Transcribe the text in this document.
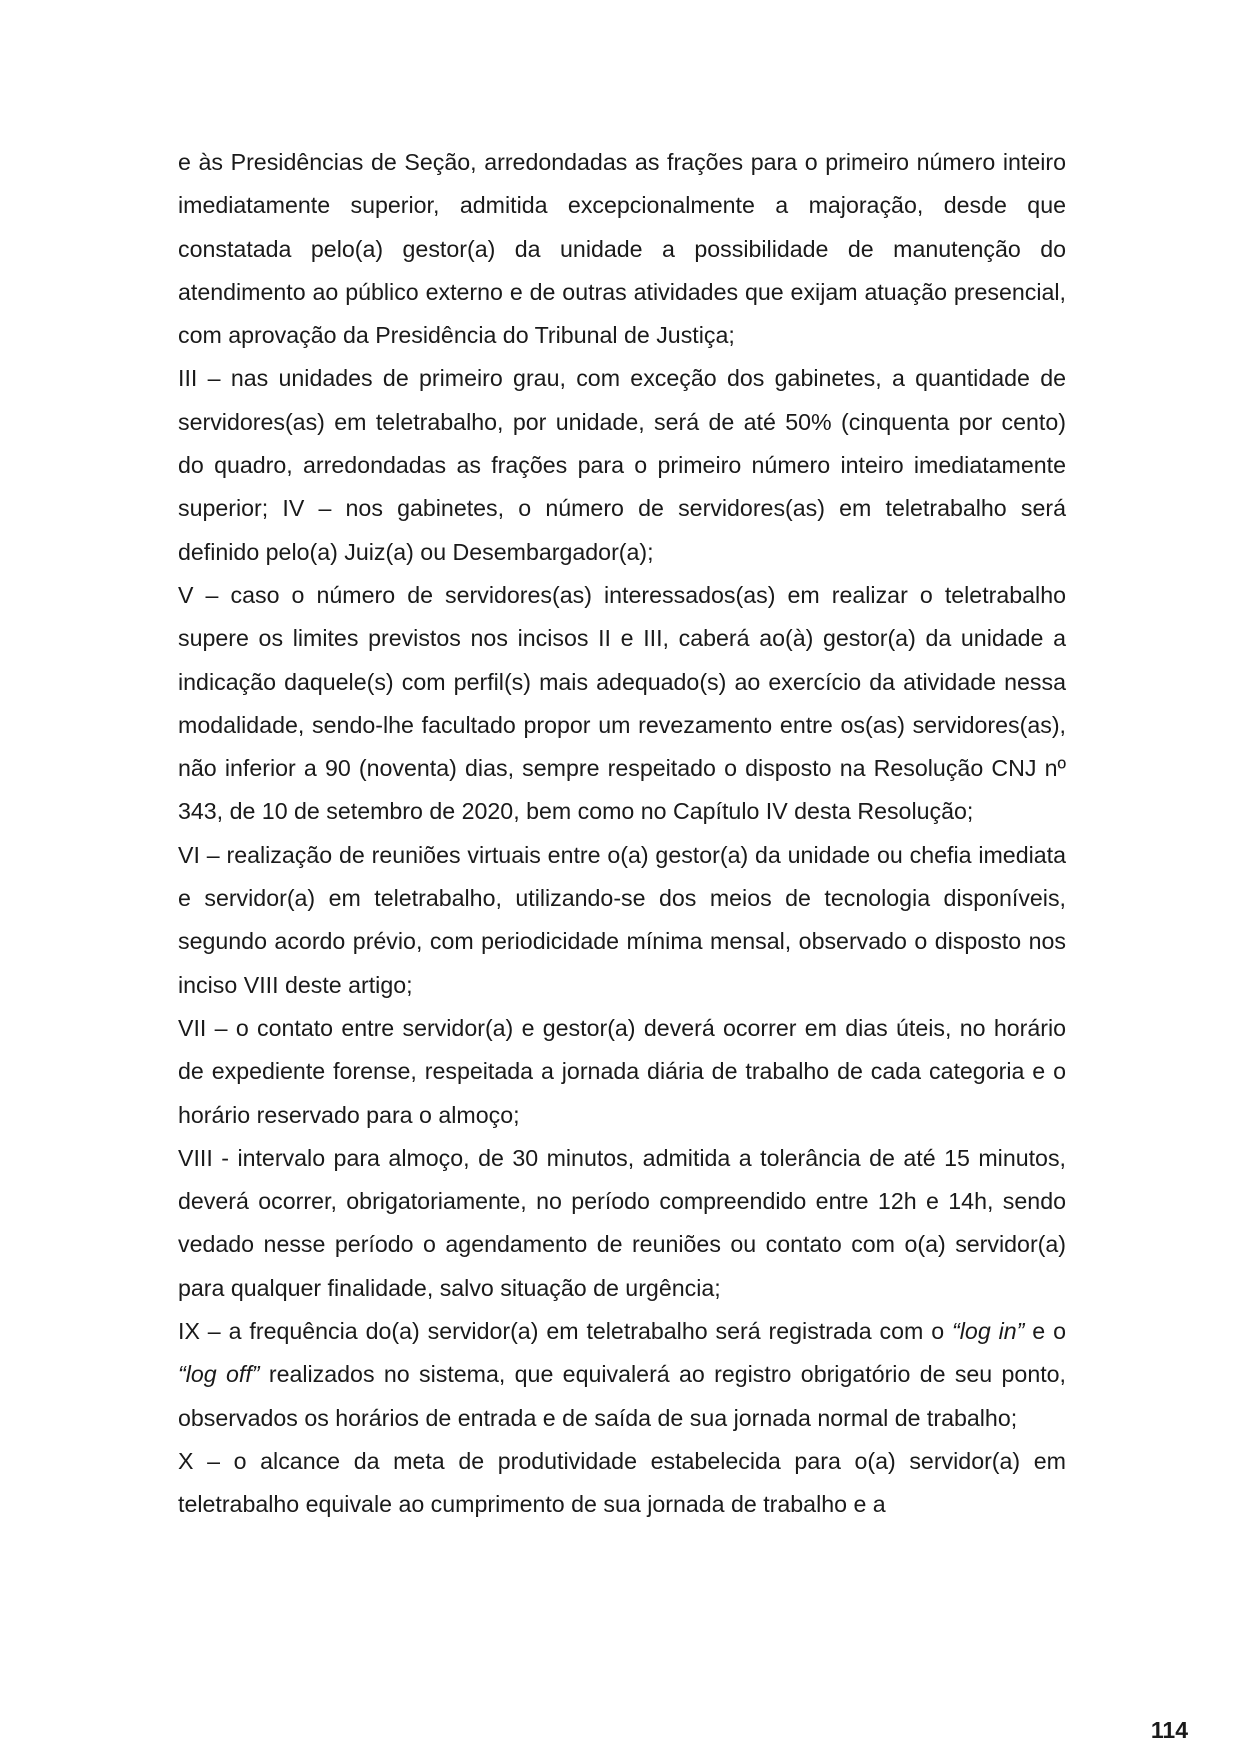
e às Presidências de Seção, arredondadas as frações para o primeiro número inteiro imediatamente superior, admitida excepcionalmente a majoração, desde que constatada pelo(a) gestor(a) da unidade a possibilidade de manutenção do atendimento ao público externo e de outras atividades que exijam atuação presencial, com aprovação da Presidência do Tribunal de Justiça;

III – nas unidades de primeiro grau, com exceção dos gabinetes, a quantidade de servidores(as) em teletrabalho, por unidade, será de até 50% (cinquenta por cento) do quadro, arredondadas as frações para o primeiro número inteiro imediatamente superior; IV – nos gabinetes, o número de servidores(as) em teletrabalho será definido pelo(a) Juiz(a) ou Desembargador(a);

V – caso o número de servidores(as) interessados(as) em realizar o teletrabalho supere os limites previstos nos incisos II e III, caberá ao(à) gestor(a) da unidade a indicação daquele(s) com perfil(s) mais adequado(s) ao exercício da atividade nessa modalidade, sendo-lhe facultado propor um revezamento entre os(as) servidores(as), não inferior a 90 (noventa) dias, sempre respeitado o disposto na Resolução CNJ nº 343, de 10 de setembro de 2020, bem como no Capítulo IV desta Resolução;

VI – realização de reuniões virtuais entre o(a) gestor(a) da unidade ou chefia imediata e servidor(a) em teletrabalho, utilizando-se dos meios de tecnologia disponíveis, segundo acordo prévio, com periodicidade mínima mensal, observado o disposto nos inciso VIII deste artigo;

VII – o contato entre servidor(a) e gestor(a) deverá ocorrer em dias úteis, no horário de expediente forense, respeitada a jornada diária de trabalho de cada categoria e o horário reservado para o almoço;

VIII - intervalo para almoço, de 30 minutos, admitida a tolerância de até 15 minutos, deverá ocorrer, obrigatoriamente, no período compreendido entre 12h e 14h, sendo vedado nesse período o agendamento de reuniões ou contato com o(a) servidor(a) para qualquer finalidade, salvo situação de urgência;

IX – a frequência do(a) servidor(a) em teletrabalho será registrada com o “log in” e o “log off” realizados no sistema, que equivalerá ao registro obrigatório de seu ponto, observados os horários de entrada e de saída de sua jornada normal de trabalho;

X – o alcance da meta de produtividade estabelecida para o(a) servidor(a) em teletrabalho equivale ao cumprimento de sua jornada de trabalho e a

114
